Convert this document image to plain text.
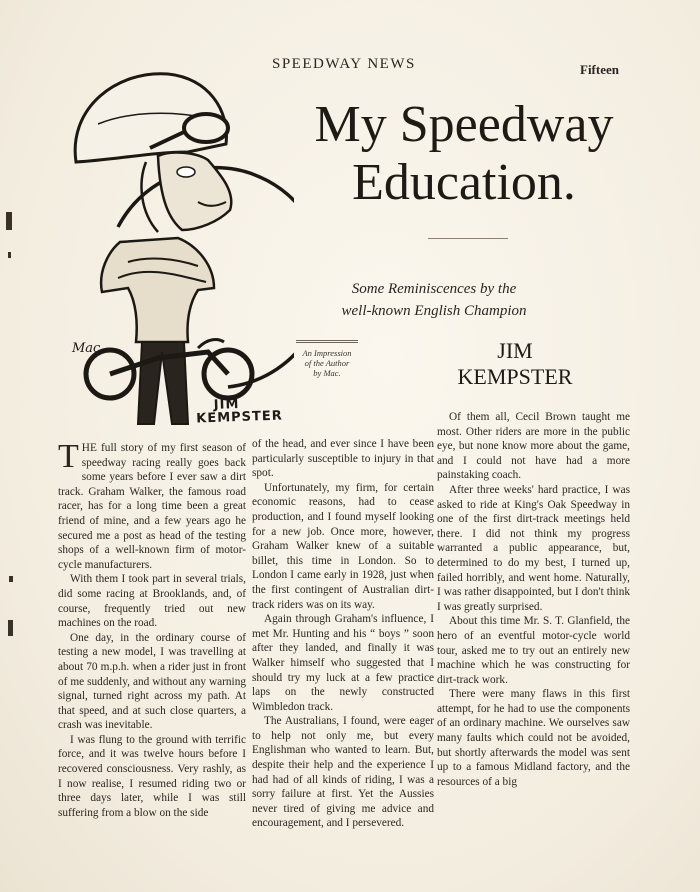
SPEEDWAY NEWS	Fifteen
My Speedway
Education.
Some Reminiscences by the
well-known English Champion
Mac
JIM
KEMPSTER
An Impression
of the Author
by Mac.
JIM
KEMPSTER

THE full story of my first season of speedway racing really goes back some years before I ever saw a dirt track. Graham Walker, the famous road racer, has for a long time been a great friend of mine, and a few years ago he secured me a post as head of the testing shops of a well-known firm of motor-cycle manufacturers.

With them I took part in several trials, did some racing at Brooklands, and, of course, frequently tried out new machines on the road.

One day, in the ordinary course of testing a new model, I was travelling at about 70 m.p.h. when a rider just in front of me suddenly, and without any warning signal, turned right across my path. At that speed, and at such close quarters, a crash was inevitable.

I was flung to the ground with terrific force, and it was twelve hours before I recovered consciousness. Very rashly, as I now realise, I resumed riding two or three days later, while I was still suffering from a blow on the side

of the head, and ever since I have been particularly susceptible to injury in that spot.

Unfortunately, my firm, for certain economic reasons, had to cease production, and I found myself looking for a new job. Once more, however, Graham Walker knew of a suitable billet, this time in London. So to London I came early in 1928, just when the first contingent of Australian dirt-track riders was on its way.

Again through Graham's influence, I met Mr. Hunting and his “ boys ” soon after they landed, and finally it was Walker himself who suggested that I should try my luck at a few practice laps on the newly constructed Wimbledon track.

The Australians, I found, were eager to help not only me, but every Englishman who wanted to learn. But, despite their help and the experience I had had of all kinds of riding, I was a sorry failure at first. Yet the Aussies never tired of giving me advice and encouragement, and I persevered.

Of them all, Cecil Brown taught me most. Other riders are more in the public eye, but none know more about the game, and I could not have had a more painstaking coach.

After three weeks' hard practice, I was asked to ride at King's Oak Speedway in one of the first dirt-track meetings held there. I did not think my progress warranted a public appearance, but, determined to do my best, I turned up, failed horribly, and went home. Naturally, I was rather disappointed, but I don't think I was greatly surprised.

About this time Mr. S. T. Glanfield, the hero of an eventful motor-cycle world tour, asked me to try out an entirely new machine which he was constructing for dirt-track work.

There were many flaws in this first attempt, for he had to use the components of an ordinary machine. We ourselves saw many faults which could not be avoided, but shortly afterwards the model was sent up to a famous Midland factory, and the resources of a big
